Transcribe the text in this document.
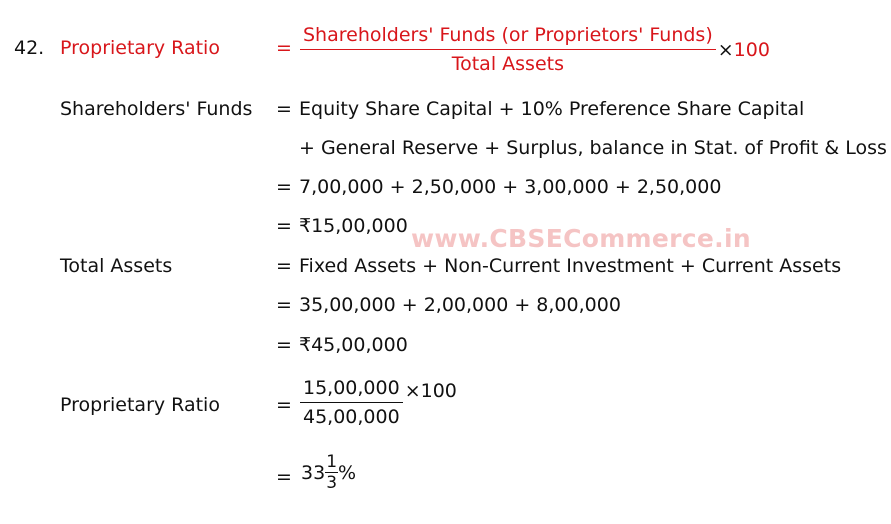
42. Proprietary Ratio	= $\frac{\text{Shareholders' Funds (or Proprietors' Funds)}}{\text{Total Assets}} \times 100$
Shareholders' Funds = Equity Share Capital + 10% Preference Share Capital
+ General Reserve + Surplus, balance in Stat. of Profit & Loss
= 7,00,000 + 2,50,000 + 3,00,000 + 2,50,000
= ₹15,00,000 www.CBSECommerce.in
Total Assets	= Fixed Assets + Non-Current Investment + Current Assets
= 35,00,000 + 2,00,000 + 8,00,000
= ₹45,00,000
Proprietary Ratio	= $\frac{15,00,000}{45,00,000} \times 100$
= $33 \frac{1}{3}$ %
